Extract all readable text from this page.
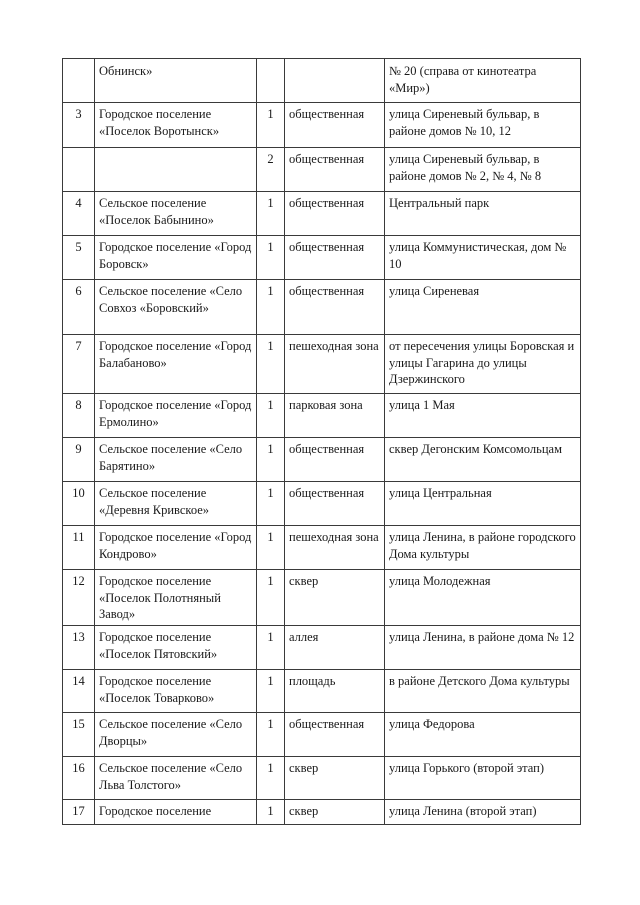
	Обнинск»			№ 20 (справа от кинотеатра «Мир»)
3	Городское поселение «Поселок Воротынск»	1	общественная	улица Сиреневый бульвар, в районе домов № 10, 12
		2	общественная	улица Сиреневый бульвар, в районе домов № 2, № 4, № 8
4	Сельское поселение «Поселок Бабынино»	1	общественная	Центральный парк
5	Городское поселение «Город Боровск»	1	общественная	улица Коммунистическая, дом № 10
6	Сельское поселение «Село Совхоз «Боровский»	1	общественная	улица Сиреневая
7	Городское поселение «Город Балабаново»	1	пешеходная зона	от пересечения улицы Боровская и улицы Гагарина до улицы Дзержинского
8	Городское поселение «Город Ермолино»	1	парковая зона	улица 1 Мая
9	Сельское поселение «Село Барятино»	1	общественная	сквер Дегонским Комсомольцам
10	Сельское поселение «Деревня Кривское»	1	общественная	улица Центральная
11	Городское поселение «Город Кондрово»	1	пешеходная зона	улица Ленина, в районе городского Дома культуры
12	Городское поселение «Поселок Полотняный Завод»	1	сквер	улица Молодежная
13	Городское поселение «Поселок Пятовский»	1	аллея	улица Ленина, в районе дома № 12
14	Городское поселение «Поселок Товарково»	1	площадь	в районе Детского Дома культуры
15	Сельское поселение «Село Дворцы»	1	общественная	улица Федорова
16	Сельское поселение «Село Льва Толстого»	1	сквер	улица Горького (второй этап)
17	Городское поселение	1	сквер	улица Ленина (второй этап)
